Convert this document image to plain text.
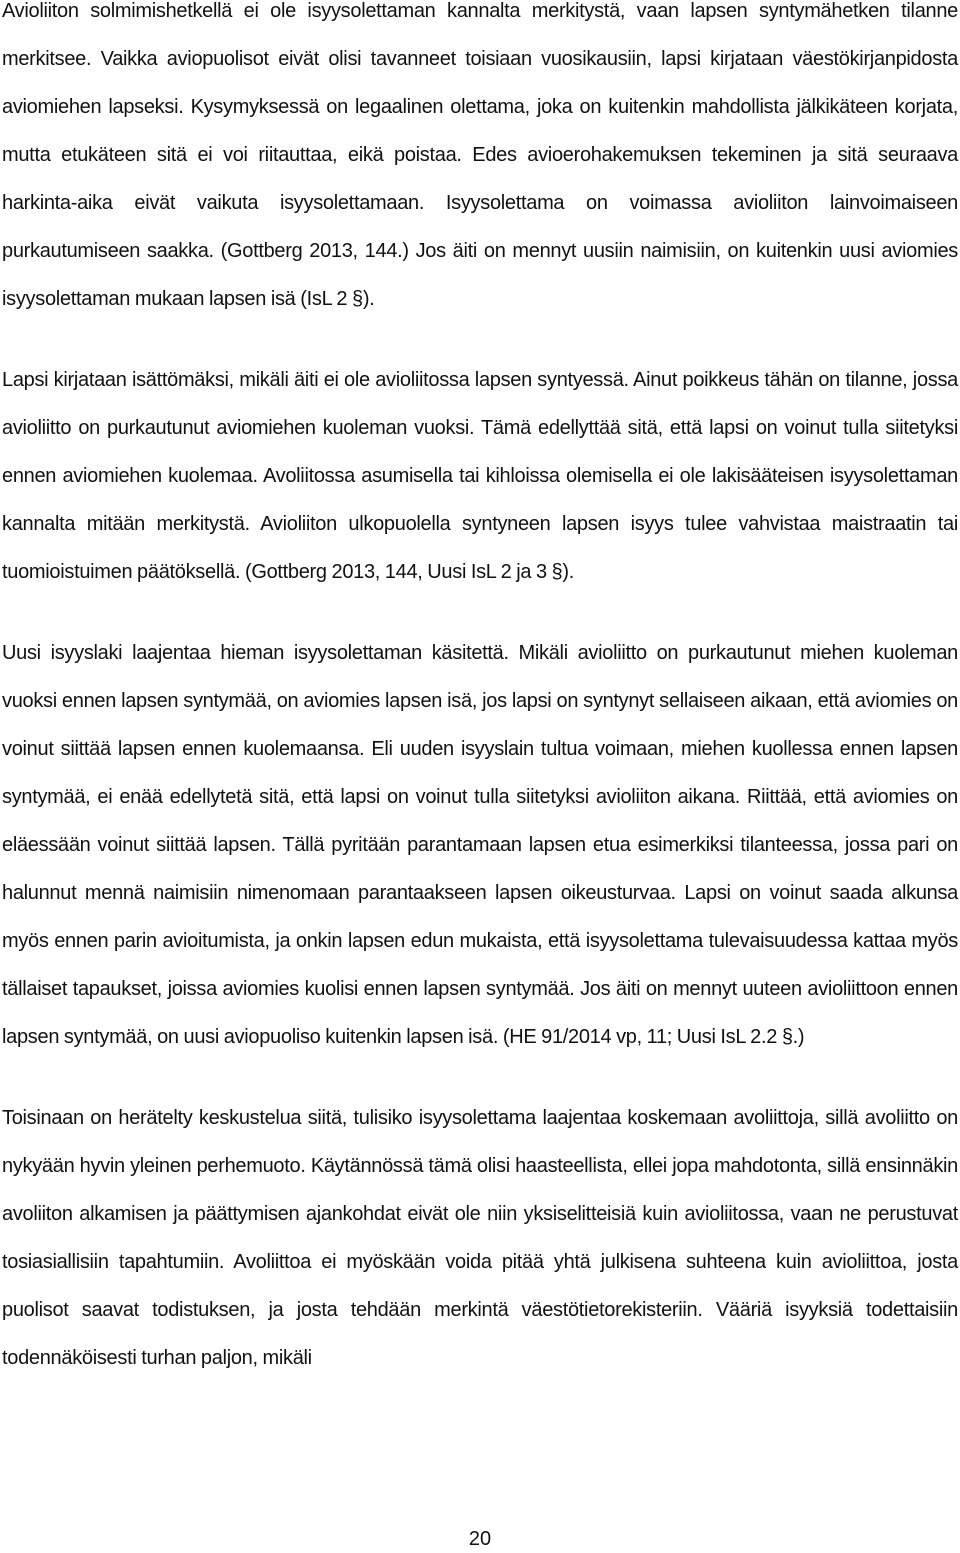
Avioliiton solmimishetkellä ei ole isyysolettaman kannalta merkitystä, vaan lapsen syntymähetken tilanne merkitsee. Vaikka aviopuolisot eivät olisi tavanneet toisiaan vuosikausiin, lapsi kirjataan väestökirjanpidosta aviomiehen lapseksi. Kysymyksessä on legaalinen olettama, joka on kuitenkin mahdollista jälkikäteen korjata, mutta etukäteen sitä ei voi riitauttaa, eikä poistaa. Edes avioerohakemuksen tekeminen ja sitä seuraava harkinta-aika eivät vaikuta isyysolettamaan. Isyysolettama on voimassa avioliiton lainvoimaiseen purkautumiseen saakka. (Gottberg 2013, 144.) Jos äiti on mennyt uusiin naimisiin, on kuitenkin uusi aviomies isyysolettaman mukaan lapsen isä (IsL 2 §).

Lapsi kirjataan isättömäksi, mikäli äiti ei ole avioliitossa lapsen syntyessä. Ainut poikkeus tähän on tilanne, jossa avioliitto on purkautunut aviomiehen kuoleman vuoksi. Tämä edellyttää sitä, että lapsi on voinut tulla siitetyksi ennen aviomiehen kuolemaa. Avoliitossa asumisella tai kihloissa olemisella ei ole lakisääteisen isyysolettaman kannalta mitään merkitystä. Avioliiton ulkopuolella syntyneen lapsen isyys tulee vahvistaa maistraatin tai tuomioistuimen päätöksellä. (Gottberg 2013, 144, Uusi IsL 2 ja 3 §).

Uusi isyyslaki laajentaa hieman isyysolettaman käsitettä. Mikäli avioliitto on purkautunut miehen kuoleman vuoksi ennen lapsen syntymää, on aviomies lapsen isä, jos lapsi on syntynyt sellaiseen aikaan, että aviomies on voinut siittää lapsen ennen kuolemaansa. Eli uuden isyyslain tultua voimaan, miehen kuollessa ennen lapsen syntymää, ei enää edellytetä sitä, että lapsi on voinut tulla siitetyksi avioliiton aikana. Riittää, että aviomies on eläessään voinut siittää lapsen. Tällä pyritään parantamaan lapsen etua esimerkiksi tilanteessa, jossa pari on halunnut mennä naimisiin nimenomaan parantaakseen lapsen oikeusturvaa. Lapsi on voinut saada alkunsa myös ennen parin avioitumista, ja onkin lapsen edun mukaista, että isyysolettama tulevaisuudessa kattaa myös tällaiset tapaukset, joissa aviomies kuolisi ennen lapsen syntymää. Jos äiti on mennyt uuteen avioliittoon ennen lapsen syntymää, on uusi aviopuoliso kuitenkin lapsen isä. (HE 91/2014 vp, 11; Uusi IsL 2.2 §.)

Toisinaan on herätelty keskustelua siitä, tulisiko isyysolettama laajentaa koskemaan avoliittoja, sillä avoliitto on nykyään hyvin yleinen perhemuoto. Käytännössä tämä olisi haasteellista, ellei jopa mahdotonta, sillä ensinnäkin avoliiton alkamisen ja päättymisen ajankohdat eivät ole niin yksiselitteisiä kuin avioliitossa, vaan ne perustuvat tosiasiallisiin tapahtumiin. Avoliittoa ei myöskään voida pitää yhtä julkisena suhteena kuin avioliittoa, josta puolisot saavat todistuksen, ja josta tehdään merkintä väestötietorekisteriin. Vääriä isyyksiä todettaisiin todennäköisesti turhan paljon, mikäli

20
